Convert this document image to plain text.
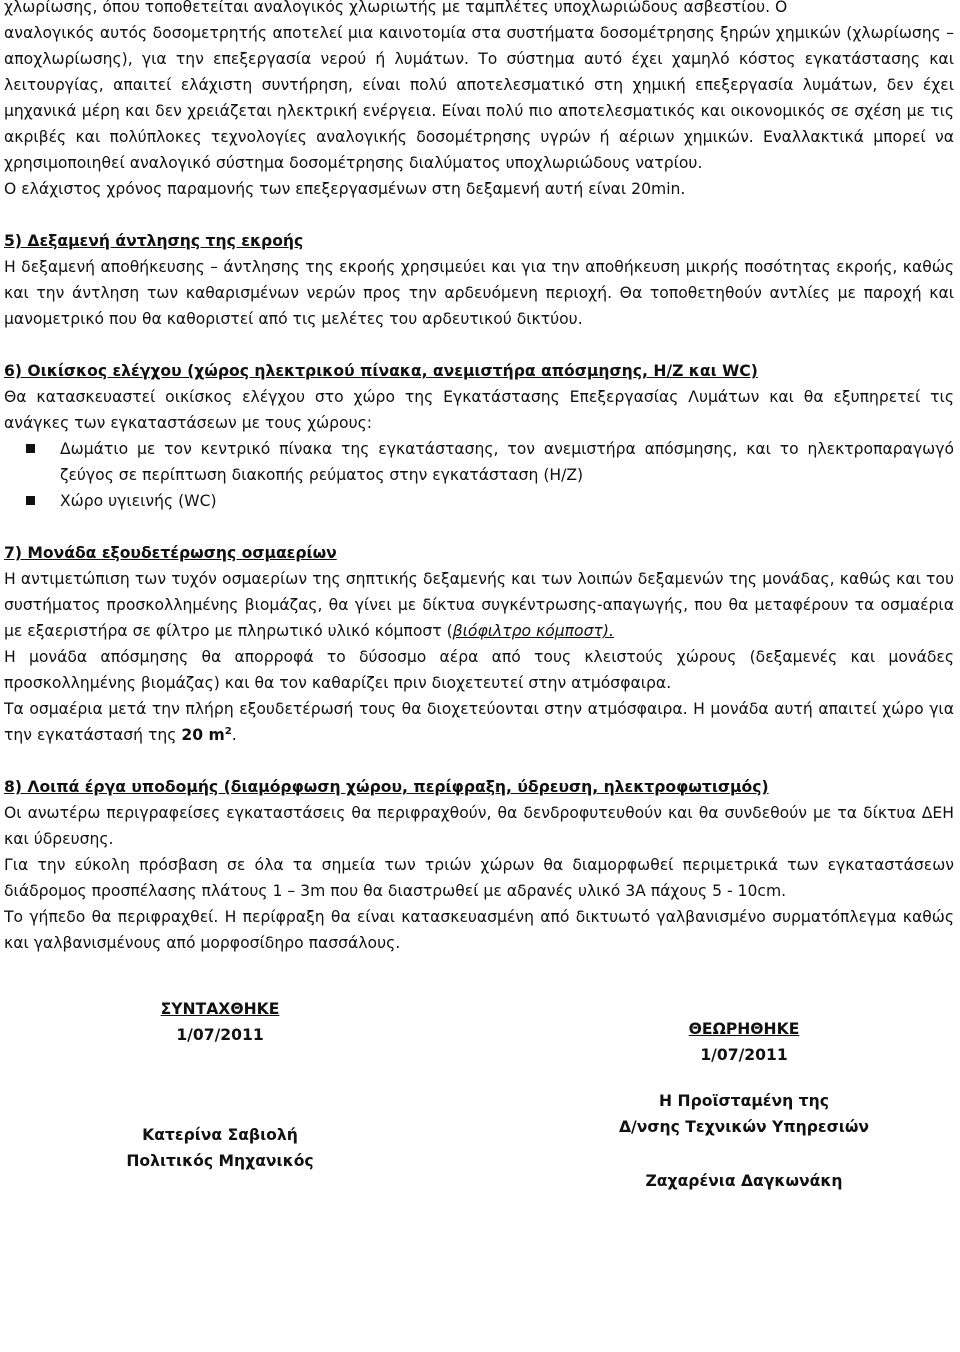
χλωρίωσης, όπου τοποθετείται αναλογικός χλωριωτής με ταμπλέτες υποχλωριώδους ασβεστίου. Ο
αναλογικός αυτός δοσομετρητής αποτελεί μια καινοτομία στα συστήματα δοσομέτρησης ξηρών χημικών (χλωρίωσης – αποχλωρίωσης), για την επεξεργασία νερού ή λυμάτων. Το σύστημα αυτό έχει χαμηλό κόστος εγκατάστασης και λειτουργίας, απαιτεί ελάχιστη συντήρηση, είναι πολύ αποτελεσματικό στη χημική επεξεργασία λυμάτων, δεν έχει μηχανικά μέρη και δεν χρειάζεται ηλεκτρική ενέργεια. Είναι πολύ πιο αποτελεσματικός και οικονομικός σε σχέση με τις ακριβές και πολύπλοκες τεχνολογίες αναλογικής δοσομέτρησης υγρών ή αέριων χημικών. Εναλλακτικά μπορεί να χρησιμοποιηθεί αναλογικό σύστημα δοσομέτρησης διαλύματος υποχλωριώδους νατρίου.

Ο ελάχιστος χρόνος παραμονής των επεξεργασμένων στη δεξαμενή αυτή είναι 20min.

5) Δεξαμενή άντλησης της εκροής

Η δεξαμενή αποθήκευσης – άντλησης της εκροής χρησιμεύει και για την αποθήκευση μικρής ποσότητας εκροής, καθώς και την άντληση των καθαρισμένων νερών προς την αρδευόμενη περιοχή. Θα τοποθετηθούν αντλίες με παροχή και μανομετρικό που θα καθοριστεί από τις μελέτες του αρδευτικού δικτύου.

6) Οικίσκος ελέγχου (χώρος ηλεκτρικού πίνακα, ανεμιστήρα απόσμησης, H/Z και WC)

Θα κατασκευαστεί οικίσκος ελέγχου στο χώρο της Εγκατάστασης Επεξεργασίας Λυμάτων και θα εξυπηρετεί τις ανάγκες των εγκαταστάσεων με τους χώρους:

Δωμάτιο με τον κεντρικό πίνακα της εγκατάστασης, τον ανεμιστήρα απόσμησης, και το ηλεκτροπαραγωγό ζεύγος σε περίπτωση διακοπής ρεύματος στην εγκατάσταση (Η/Ζ)
Χώρο υγιεινής (WC)
7) Μονάδα εξουδετέρωσης οσμαερίων

Η αντιμετώπιση των τυχόν οσμαερίων της σηπτικής δεξαμενής και των λοιπών δεξαμενών της μονάδας, καθώς και του συστήματος προσκολλημένης βιομάζας, θα γίνει με δίκτυα συγκέντρωσης-απαγωγής, που θα μεταφέρουν τα οσμαέρια με εξαεριστήρα σε φίλτρο με πληρωτικό υλικό κόμποστ (βιόφιλτρο κόμποστ).

Η μονάδα απόσμησης θα απορροφά το δύσοσμο αέρα από τους κλειστούς χώρους (δεξαμενές και μονάδες προσκολλημένης βιομάζας) και θα τον καθαρίζει πριν διοχετευτεί στην ατμόσφαιρα.

Τα οσμαέρια μετά την πλήρη εξουδετέρωσή τους θα διοχετεύονται στην ατμόσφαιρα. Η μονάδα αυτή απαιτεί χώρο για την εγκατάστασή της 20 $m^2$.

8) Λοιπά έργα υποδομής (διαμόρφωση χώρου, περίφραξη, ύδρευση, ηλεκτροφωτισμός)

Οι ανωτέρω περιγραφείσες εγκαταστάσεις θα περιφραχθούν, θα δενδροφυτευθούν και θα συνδεθούν με τα δίκτυα ΔΕΗ και ύδρευσης.

Για την εύκολη πρόσβαση σε όλα τα σημεία των τριών χώρων θα διαμορφωθεί περιμετρικά των εγκαταστάσεων διάδρομος προσπέλασης πλάτους 1 – 3m που θα διαστρωθεί με αδρανές υλικό 3Α πάχους 5 - 10cm.

Το γήπεδο θα περιφραχθεί. Η περίφραξη θα είναι κατασκευασμένη από δικτυωτό γαλβανισμένο συρματόπλεγμα καθώς και γαλβανισμένους από μορφοσίδηρο πασσάλους.

ΣΥΝΤΑΧΘΗΚΕ
1/07/2011
Κατερίνα Σαβιολή
Πολιτικός Μηχανικός
ΘΕΩΡΗΘΗΚΕ
1/07/2011
Η Προϊσταμένη της
Δ/νσης Τεχνικών Υπηρεσιών
Ζαχαρένια Δαγκωνάκη
